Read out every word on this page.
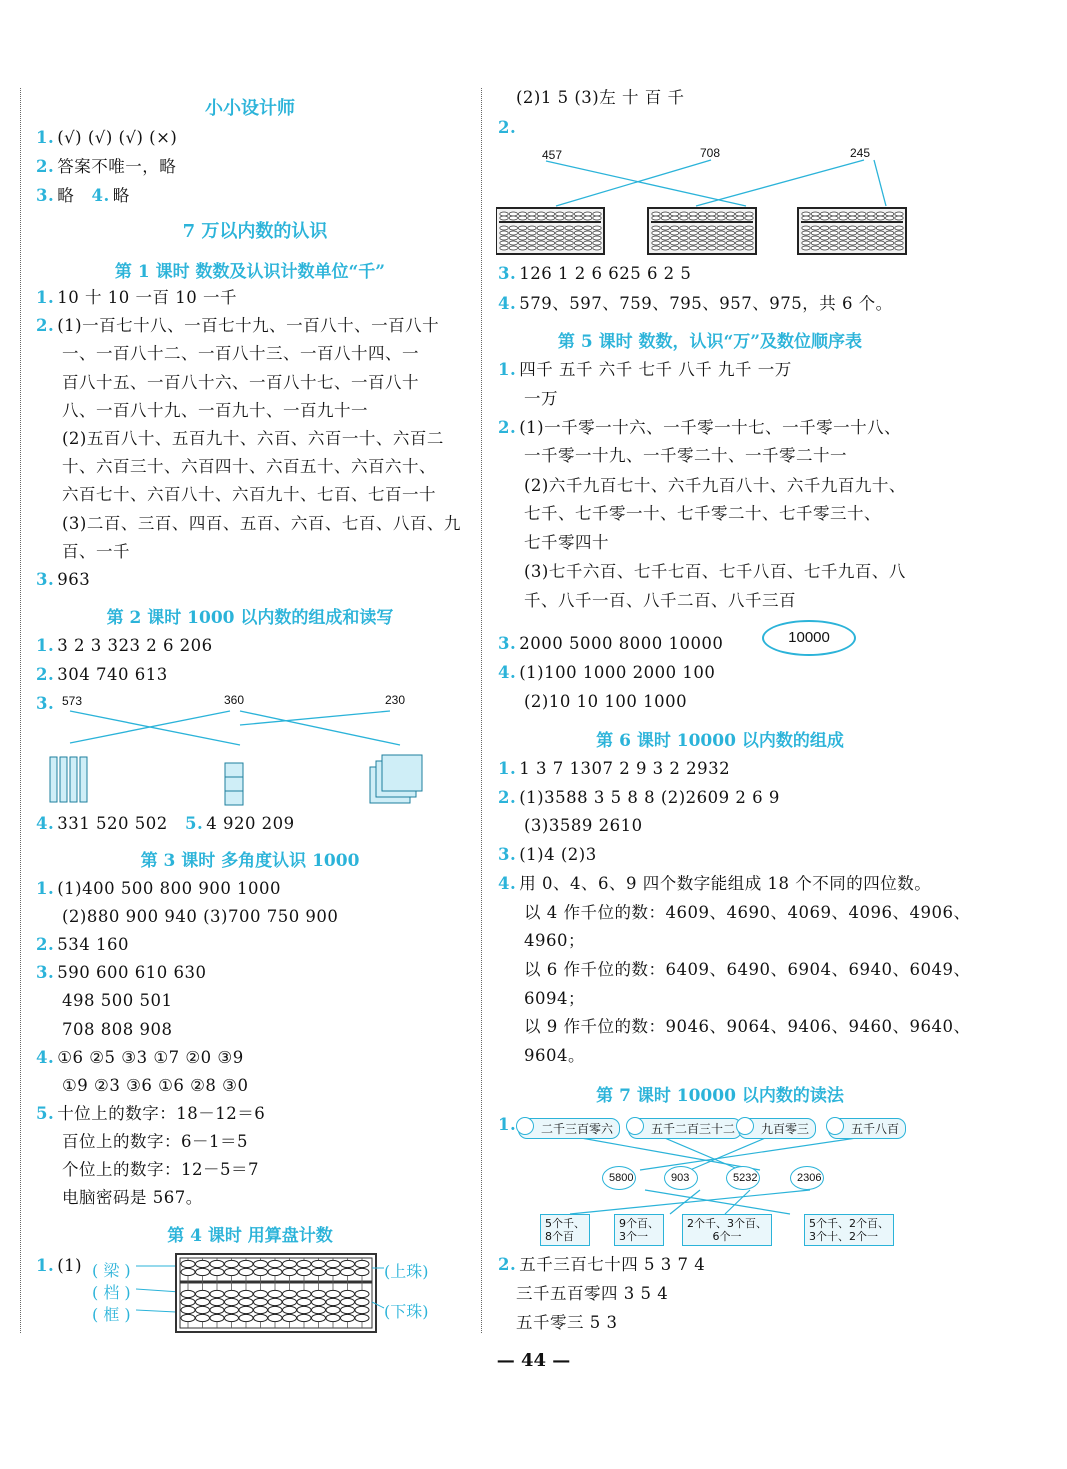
小小设计师
1. (√) (√) (√) (×)
2. 答案不唯一，略
3. 略 4. 略
7 万以内数的认识
第 1 课时 数数及认识计数单位“千”
1. 10 十 10 一百 10 一千
2. (1)一百七十八、一百七十九、一百八十、一百八十
一、一百八十二、一百八十三、一百八十四、一
百八十五、一百八十六、一百八十七、一百八十
八、一百八十九、一百九十、一百九十一
(2)五百八十、五百九十、六百、六百一十、六百二
十、六百三十、六百四十、六百五十、六百六十、
六百七十、六百八十、六百九十、七百、七百一十
(3)二百、三百、四百、五百、六百、七百、八百、九
百、一千
3. 963
第 2 课时 1000 以内数的组成和读写
1. 3 2 3 323 2 6 206
2. 304 740 613
3. 573	360	230
4. 331 520 502 5. 4 920 209
第 3 课时 多角度认识 1000
1. (1)400 500 800 900 1000
(2)880 900 940 (3)700 750 900
2. 534 160
3. 590 600 610 630
498 500 501
708 808 908
4. ①6 ②5 ③3 ①7 ②0 ③9
①9 ②3 ③6 ①6 ②8 ③0
5. 十位上的数字：18－12＝6
百位上的数字：6－1＝5
个位上的数字：12－5＝7
电脑密码是 567。
第 4 课时 用算盘计数
1. (1) ( 梁 )
( 档 )
( 框 )
(上珠)
(下珠)
(2)1 5 (3)左 十 百 千
2.
457	708	245
3. 126 1 2 6 625 6 2 5
4. 579、597、759、795、957、975，共 6 个。
第 5 课时 数数，认识“万”及数位顺序表
1. 四千 五千 六千 七千 八千 九千 一万
一万
2. (1)一千零一十六、一千零一十七、一千零一十八、
一千零一十九、一千零二十、一千零二十一
(2)六千九百七十、六千九百八十、六千九百九十、
七千、七千零一十、七千零二十、七千零三十、
七千零四十
(3)七千六百、七千七百、七千八百、七千九百、八
千、八千一百、八千二百、八千三百
3. 2000 5000 8000 10000
4. (1)100 1000 2000 100
(2)10 10 100 1000
10000
第 6 课时 10000 以内数的组成
1. 1 3 7 1307 2 9 3 2 2932
2. (1)3588 3 5 8 8 (2)2609 2 6 9
(3)3589 2610
3. (1)4 (2)3
4. 用 0、4、6、9 四个数字能组成 18 个不同的四位数。
以 4 作千位的数：4609、4690、4069、4096、4906、
4960；
以 6 作千位的数：6409、6490、6904、6940、6049、
6094；
以 9 作千位的数：9046、9064、9406、9460、9640、
9604。
第 7 课时 10000 以内数的读法
1.	二千三百零六	五千二百三十二	九百零三	五千八百
5800	903	5232	2306
5个千、
8个百
9个百、
3个一
2个千、3个百、
6个一
5个千、2个百、
3个十、2个一
2. 五千三百七十四 5 3 7 4
三千五百零四 3 5 4
五千零三 5 3
— 44 —
